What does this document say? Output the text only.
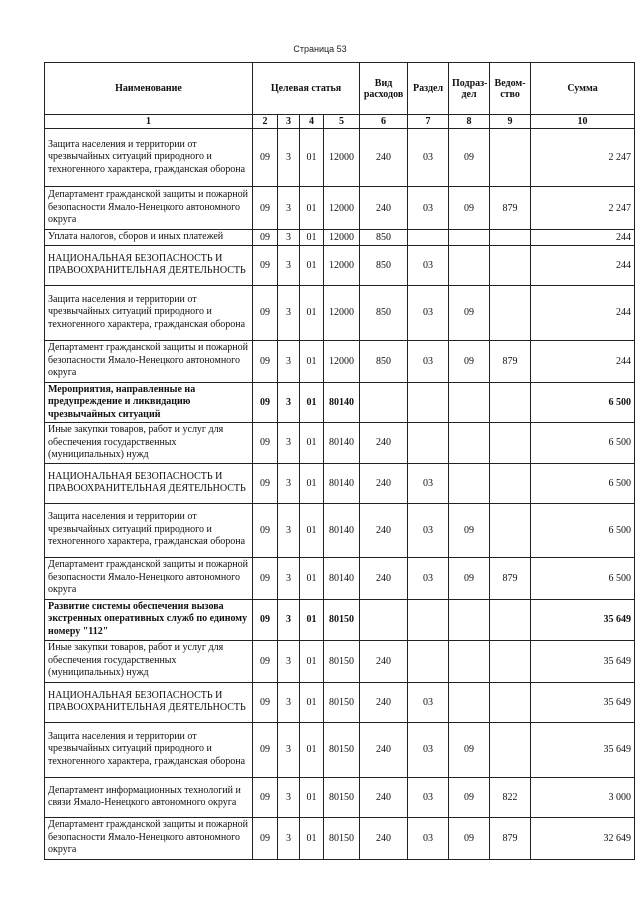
Страница 53
Наименование	Целевая статья				Вид расходов	Раздел	Подраз-дел	Ведом-ство	Сумма
1	2	3	4	5	6	7	8	9	10
Защита населения и территории от чрезвычайных ситуаций природного и техногенного характера, гражданская оборона	09	3	01	12000	240	03	09		2 247
Департамент гражданской защиты и пожарной безопасности Ямало-Ненецкого автономного округа	09	3	01	12000	240	03	09	879	2 247
Уплата налогов, сборов и иных платежей	09	3	01	12000	850				244
НАЦИОНАЛЬНАЯ БЕЗОПАСНОСТЬ И ПРАВООХРАНИТЕЛЬНАЯ ДЕЯТЕЛЬНОСТЬ	09	3	01	12000	850	03			244
Защита населения и территории от чрезвычайных ситуаций природного и техногенного характера, гражданская оборона	09	3	01	12000	850	03	09		244
Департамент гражданской защиты и пожарной безопасности Ямало-Ненецкого автономного округа	09	3	01	12000	850	03	09	879	244
Мероприятия, направленные на предупреждение и ликвидацию чрезвычайных ситуаций	09	3	01	80140					6 500
Иные закупки товаров, работ и услуг для обеспечения государственных (муниципальных) нужд	09	3	01	80140	240				6 500
НАЦИОНАЛЬНАЯ БЕЗОПАСНОСТЬ И ПРАВООХРАНИТЕЛЬНАЯ ДЕЯТЕЛЬНОСТЬ	09	3	01	80140	240	03			6 500
Защита населения и территории от чрезвычайных ситуаций природного и техногенного характера, гражданская оборона	09	3	01	80140	240	03	09		6 500
Департамент гражданской защиты и пожарной безопасности Ямало-Ненецкого автономного округа	09	3	01	80140	240	03	09	879	6 500
Развитие системы обеспечения вызова экстренных оперативных служб по единому номеру "112"	09	3	01	80150					35 649
Иные закупки товаров, работ и услуг для обеспечения государственных (муниципальных) нужд	09	3	01	80150	240				35 649
НАЦИОНАЛЬНАЯ БЕЗОПАСНОСТЬ И ПРАВООХРАНИТЕЛЬНАЯ ДЕЯТЕЛЬНОСТЬ	09	3	01	80150	240	03			35 649
Защита населения и территории от чрезвычайных ситуаций природного и техногенного характера, гражданская оборона	09	3	01	80150	240	03	09		35 649
Департамент информационных технологий и связи Ямало-Ненецкого автономного округа	09	3	01	80150	240	03	09	822	3 000
Департамент гражданской защиты и пожарной безопасности Ямало-Ненецкого автономного округа	09	3	01	80150	240	03	09	879	32 649
